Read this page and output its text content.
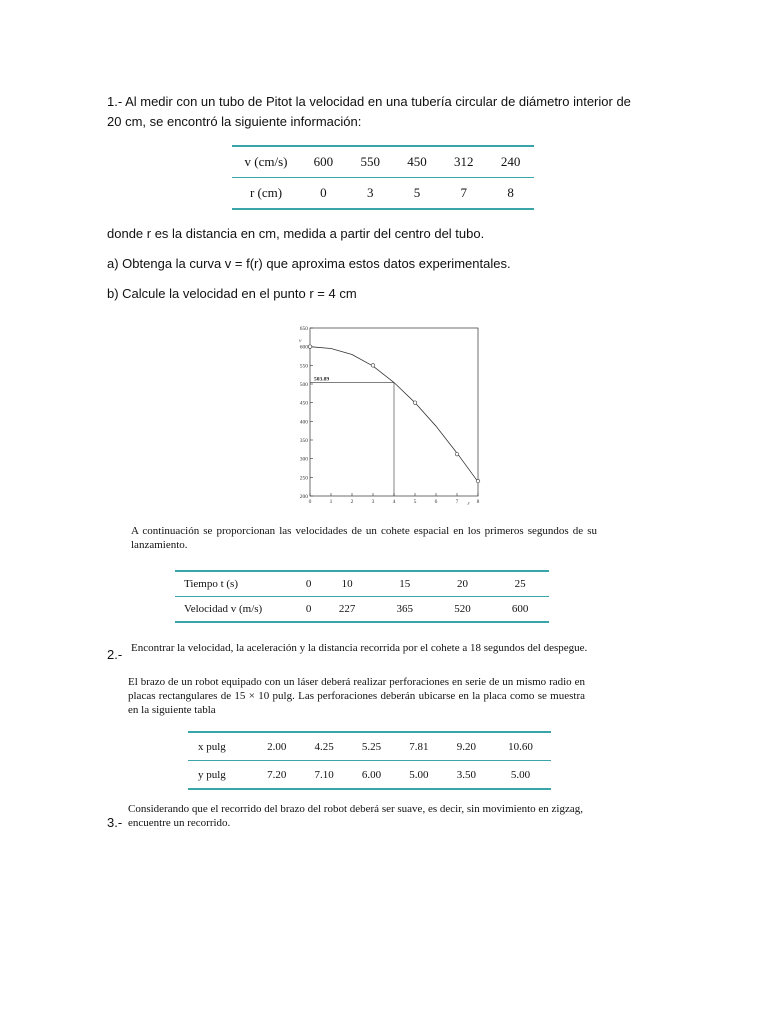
1.- Al medir con un tubo de Pitot la velocidad en una tubería circular de diámetro interior de 20 cm, se encontró la siguiente información:
v (cm/s)	600	550	450	312	240
r (cm)	0	3	5	7	8
donde r es la distancia en cm, medida a partir del centro del tubo.
a) Obtenga la curva v = f(r) que aproxima estos datos experimentales.
b) Calcule la velocidad en el punto r = 4 cm
200
250
300
350
400
450
500
550
600
650
0	1	2	3	4	5	6	7	8
r
v
503.89
A continuación se proporcionan las velocidades de un cohete espacial en los primeros segundos de su lanzamiento.
Tiempo t (s)	0	10	15	20	25
Velocidad v (m/s)	0	227	365	520	600
Encontrar la velocidad, la aceleración y la distancia recorrida por el cohete a 18 segundos del despegue.
2.-
El brazo de un robot equipado con un láser deberá realizar perforaciones en serie de un mismo radio en placas rectangulares de 15 × 10 pulg. Las perforaciones deberán ubicarse en la placa como se muestra en la siguiente tabla
x pulg	2.00	4.25	5.25	7.81	9.20	10.60
y pulg	7.20	7.10	6.00	5.00	3.50	5.00
Considerando que el recorrido del brazo del robot deberá ser suave, es decir, sin movimiento en zigzag, encuentre un recorrido.
3.-
